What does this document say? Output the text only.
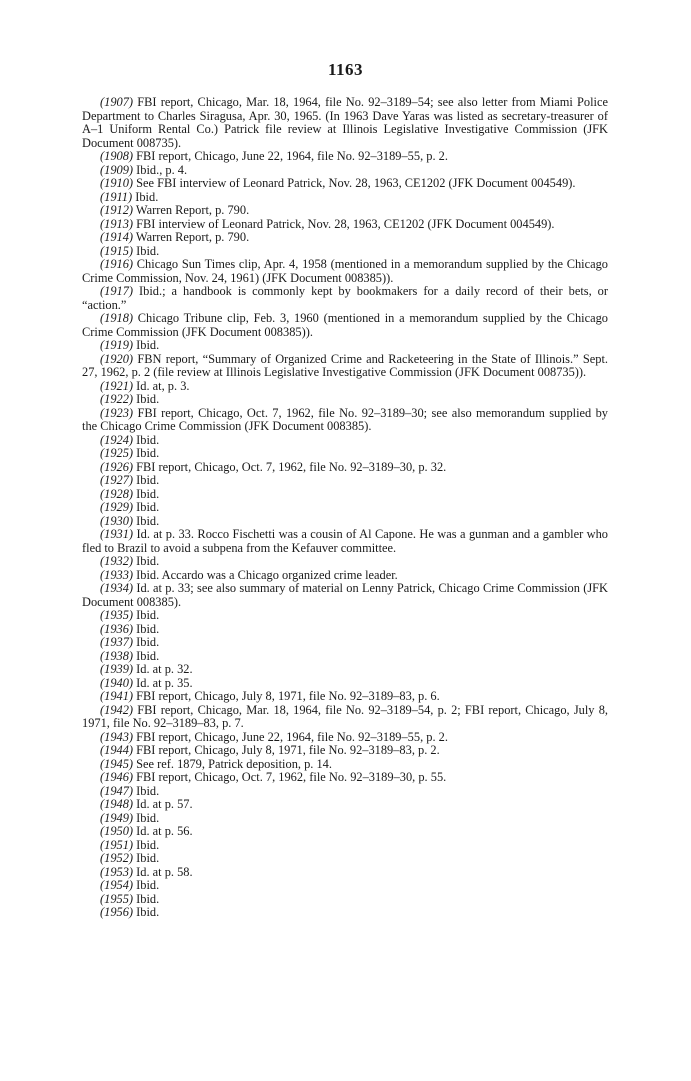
1163

(1907) FBI report, Chicago, Mar. 18, 1964, file No. 92–3189–54; see also letter from Miami Police Department to Charles Siragusa, Apr. 30, 1965. (In 1963 Dave Yaras was listed as secretary-treasurer of A–1 Uniform Rental Co.) Patrick file review at Illinois Legislative Investigative Commission (JFK Document 008735).

(1908) FBI report, Chicago, June 22, 1964, file No. 92–3189–55, p. 2.

(1909) Ibid., p. 4.

(1910) See FBI interview of Leonard Patrick, Nov. 28, 1963, CE1202 (JFK Document 004549).

(1911) Ibid.

(1912) Warren Report, p. 790.

(1913) FBI interview of Leonard Patrick, Nov. 28, 1963, CE1202 (JFK Document 004549).

(1914) Warren Report, p. 790.

(1915) Ibid.

(1916) Chicago Sun Times clip, Apr. 4, 1958 (mentioned in a memorandum supplied by the Chicago Crime Commission, Nov. 24, 1961) (JFK Document 008385)).

(1917) Ibid.; a handbook is commonly kept by bookmakers for a daily record of their bets, or “action.”

(1918) Chicago Tribune clip, Feb. 3, 1960 (mentioned in a memorandum supplied by the Chicago Crime Commission (JFK Document 008385)).

(1919) Ibid.

(1920) FBN report, “Summary of Organized Crime and Racketeering in the State of Illinois.” Sept. 27, 1962, p. 2 (file review at Illinois Legislative Investigative Commission (JFK Document 008735)).

(1921) Id. at, p. 3.

(1922) Ibid.

(1923) FBI report, Chicago, Oct. 7, 1962, file No. 92–3189–30; see also memorandum supplied by the Chicago Crime Commission (JFK Document 008385).

(1924) Ibid.

(1925) Ibid.

(1926) FBI report, Chicago, Oct. 7, 1962, file No. 92–3189–30, p. 32.

(1927) Ibid.

(1928) Ibid.

(1929) Ibid.

(1930) Ibid.

(1931) Id. at p. 33. Rocco Fischetti was a cousin of Al Capone. He was a gunman and a gambler who fled to Brazil to avoid a subpena from the Kefauver committee.

(1932) Ibid.

(1933) Ibid. Accardo was a Chicago organized crime leader.

(1934) Id. at p. 33; see also summary of material on Lenny Patrick, Chicago Crime Commission (JFK Document 008385).

(1935) Ibid.

(1936) Ibid.

(1937) Ibid.

(1938) Ibid.

(1939) Id. at p. 32.

(1940) Id. at p. 35.

(1941) FBI report, Chicago, July 8, 1971, file No. 92–3189–83, p. 6.

(1942) FBI report, Chicago, Mar. 18, 1964, file No. 92–3189–54, p. 2; FBI report, Chicago, July 8, 1971, file No. 92–3189–83, p. 7.

(1943) FBI report, Chicago, June 22, 1964, file No. 92–3189–55, p. 2.

(1944) FBI report, Chicago, July 8, 1971, file No. 92–3189–83, p. 2.

(1945) See ref. 1879, Patrick deposition, p. 14.

(1946) FBI report, Chicago, Oct. 7, 1962, file No. 92–3189–30, p. 55.

(1947) Ibid.

(1948) Id. at p. 57.

(1949) Ibid.

(1950) Id. at p. 56.

(1951) Ibid.

(1952) Ibid.

(1953) Id. at p. 58.

(1954) Ibid.

(1955) Ibid.

(1956) Ibid.
